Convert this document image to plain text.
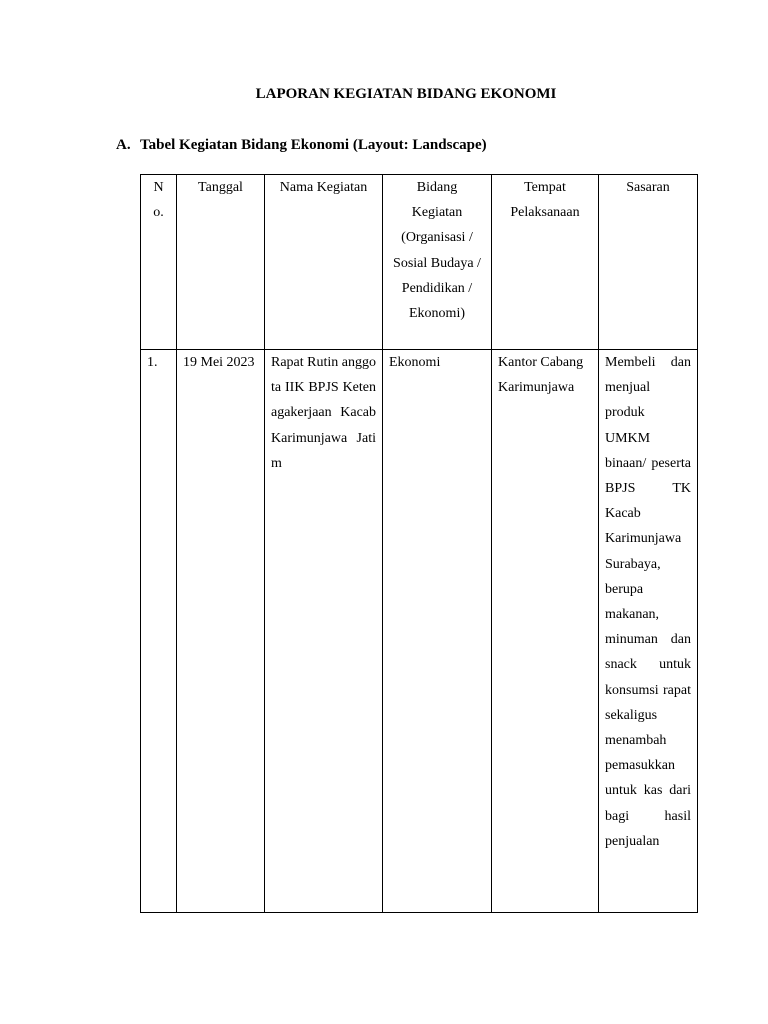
LAPORAN KEGIATAN BIDANG EKONOMI
A. Tabel Kegiatan Bidang Ekonomi (Layout: Landscape)
No.	Tanggal	Nama Kegiatan	Bidang Kegiatan (Organisasi / Sosial Budaya / Pendidikan / Ekonomi)	Tempat Pelaksanaan	Sasaran
1.	19 Mei 2023	Rapat Rutin anggota IIK BPJS Ketenagakerjaan Kacab Karimunjawa Jatim	Ekonomi	Kantor Cabang Karimunjawa	Membeli dan menjual produk UMKM binaan/ peserta BPJS TK Kacab Karimunjawa Surabaya, berupa makanan, minuman dan snack untuk konsumsi rapat sekaligus menambah pemasukkan untuk kas dari bagi hasil penjualan
